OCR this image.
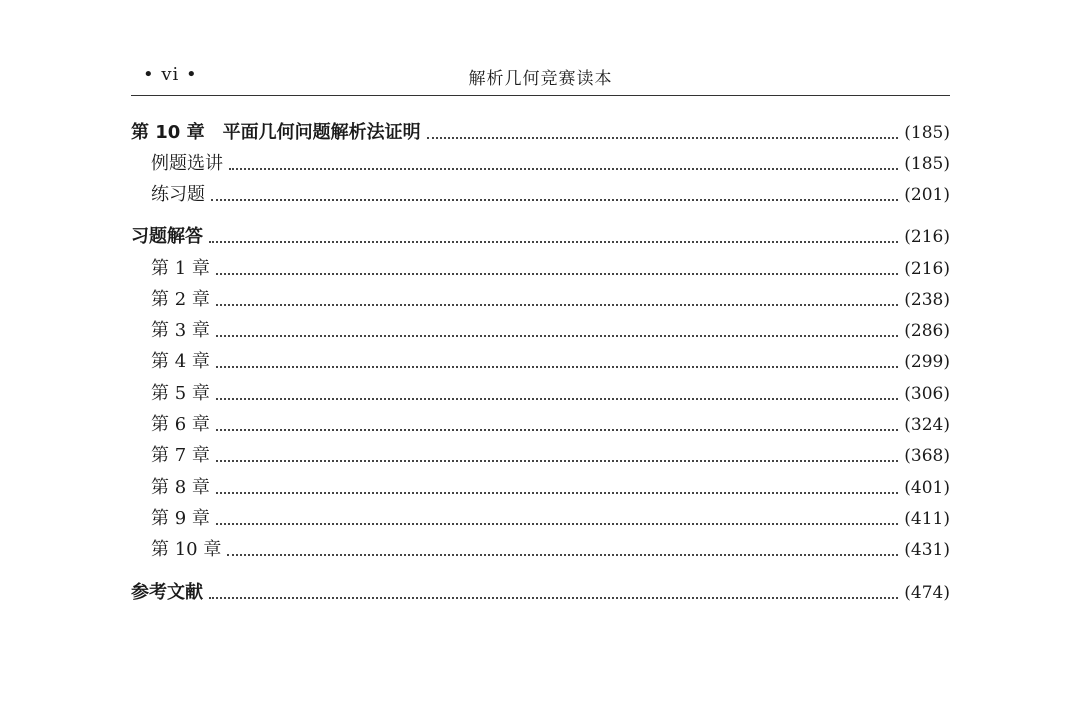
• vi •	解析几何竞赛读本
第 10 章　平面几何问题解析法证明	(185)
例题选讲	(185)
练习题	(201)
习题解答	(216)
第 1 章	(216)
第 2 章	(238)
第 3 章	(286)
第 4 章	(299)
第 5 章	(306)
第 6 章	(324)
第 7 章	(368)
第 8 章	(401)
第 9 章	(411)
第 10 章	(431)
参考文献	(474)
